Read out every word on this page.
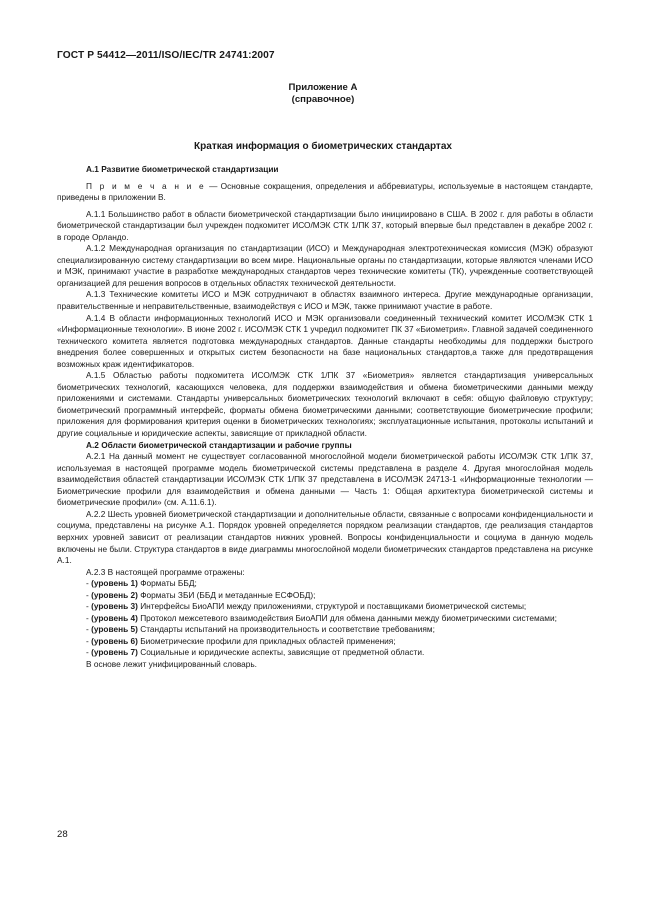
ГОСТ Р 54412—2011/ISO/IEC/TR 24741:2007
Приложение А
(справочное)
Краткая информация о биометрических стандартах
А.1 Развитие биометрической стандартизации

П р и м е ч а н и е — Основные сокращения, определения и аббревиатуры, используемые в настоящем стандарте, приведены в приложении В.

А.1.1 Большинство работ в области биометрической стандартизации было инициировано в США. В 2002 г. для работы в области биометрической стандартизации был учрежден подкомитет ИСО/МЭК СТК 1/ПК 37, который впервые был представлен в декабре 2002 г. в городе Орландо.

А.1.2 Международная организация по стандартизации (ИСО) и Международная электротехническая комиссия (МЭК) образуют специализированную систему стандартизации во всем мире. Национальные органы по стандартизации, которые являются членами ИСО и МЭК, принимают участие в разработке международных стандартов через технические комитеты (ТК), учрежденные соответствующей организацией для решения вопросов в отдельных областях технической деятельности.

А.1.3 Технические комитеты ИСО и МЭК сотрудничают в областях взаимного интереса. Другие международные организации, правительственные и неправительственные, взаимодействуя с ИСО и МЭК, также принимают участие в работе.

А.1.4 В области информационных технологий ИСО и МЭК организовали соединенный технический комитет ИСО/МЭК СТК 1 «Информационные технологии». В июне 2002 г. ИСО/МЭК СТК 1 учредил подкомитет ПК 37 «Биометрия». Главной задачей соединенного технического комитета является подготовка международных стандартов. Данные стандарты необходимы для поддержки быстрого внедрения более совершенных и открытых систем безопасности на базе национальных стандартов,а также для предотвращения возможных краж идентификаторов.

А.1.5 Областью работы подкомитета ИСО/МЭК СТК 1/ПК 37 «Биометрия» является стандартизация универсальных биометрических технологий, касающихся человека, для поддержки взаимодействия и обмена биометрическими данными между приложениями и системами. Стандарты универсальных биометрических технологий включают в себя: общую файловую структуру; биометрический программный интерфейс, форматы обмена биометрическими данными; соответствующие биометрические профили; приложения для формирования критерия оценки в биометрических технологиях; эксплуатационные испытания, протоколы испытаний и другие социальные и юридические аспекты, зависящие от прикладной области.

А.2 Области биометрической стандартизации и рабочие группы

А.2.1 На данный момент не существует согласованной многослойной модели биометрической работы ИСО/МЭК СТК 1/ПК 37, используемая в настоящей программе модель биометрической системы представлена в разделе 4. Другая многослойная модель взаимодействия областей стандартизации ИСО/МЭК СТК 1/ПК 37 представлена в ИСО/МЭК 24713-1 «Информационные технологии — Биометрические профили для взаимодействия и обмена данными — Часть 1: Общая архитектура биометрической системы и биометрические профили» (см. А.11.6.1).

А.2.2 Шесть уровней биометрической стандартизации и дополнительные области, связанные с вопросами конфиденциальности и социума, представлены на рисунке А.1. Порядок уровней определяется порядком реализации стандартов, где реализация стандартов верхних уровней зависит от реализации стандартов нижних уровней. Вопросы конфиденциальности и социума в данную модель включены не были. Структура стандартов в виде диаграммы многослойной модели биометрических стандартов представлена на рисунке А.1.

А.2.3 В настоящей программе отражены:

- (уровень 1) Форматы ББД;

- (уровень 2) Форматы ЗБИ (ББД и метаданные ЕСФОБД);

- (уровень 3) Интерфейсы БиоАПИ между приложениями, структурой и поставщиками биометрической системы;

- (уровень 4) Протокол межсетевого взаимодействия БиоАПИ для обмена данными между биометрическими системами;

- (уровень 5) Стандарты испытаний на производительность и соответствие требованиям;

- (уровень 6) Биометрические профили для прикладных областей применения;

- (уровень 7) Социальные и юридические аспекты, зависящие от предметной области.

В основе лежит унифицированный словарь.

28
